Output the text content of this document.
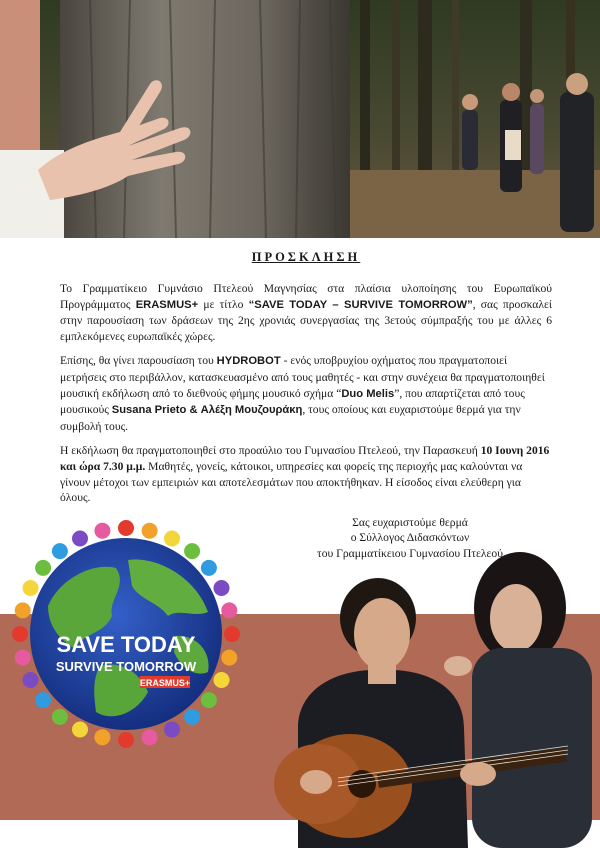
ΠΡΟΣΚΛΗΣΗ

Το Γραμματίκειο Γυμνάσιο Πτελεού Μαγνησίας στα πλαίσια υλοποίησης του Ευρωπαϊκού Προγράμματος ERASMUS+ με τίτλο “SAVE TODAY – SURVIVE TOMORROW”, σας προσκαλεί στην παρουσίαση των δράσεων της 2ης χρονιάς συνεργασίας της 3ετούς σύμπραξής του με άλλες 6 εμπλεκόμενες ευρωπαϊκές χώρες.

Επίσης, θα γίνει παρουσίαση του HYDROBOT - ενός υποβρυχίου οχήματος που πραγματοποιεί μετρήσεις στο περιβάλλον, κατασκευασμένο από τους μαθητές - και στην συνέχεια θα πραγματοποιηθεί μουσική εκδήλωση από το διεθνούς φήμης μουσικό σχήμα “Duo Melis”, που απαρτίζεται από τους μουσικούς Susana Prieto & Αλέξη Μουζουράκη, τους οποίους και ευχαριστούμε θερμά για την συμβολή τους.

Η εκδήλωση θα πραγματοποιηθεί στο προαύλιο του Γυμνασίου Πτελεού, την Παρασκευή 10 Ιουνη 2016 και ώρα 7.30 μ.μ. Μαθητές, γονείς, κάτοικοι, υπηρεσίες και φορείς της περιοχής μας καλούνται να γίνουν μέτοχοι των εμπειριών και αποτελεσμάτων που αποκτήθηκαν. Η είσοδος είναι ελεύθερη για όλους.

Σας ευχαριστούμε θερμά
ο Σύλλογος Διδασκόντων
του Γραμματίκειου Γυμνασίου Πτελεού
SAVE TODAY
SURVIVE TOMORROW
ERASMUS+
